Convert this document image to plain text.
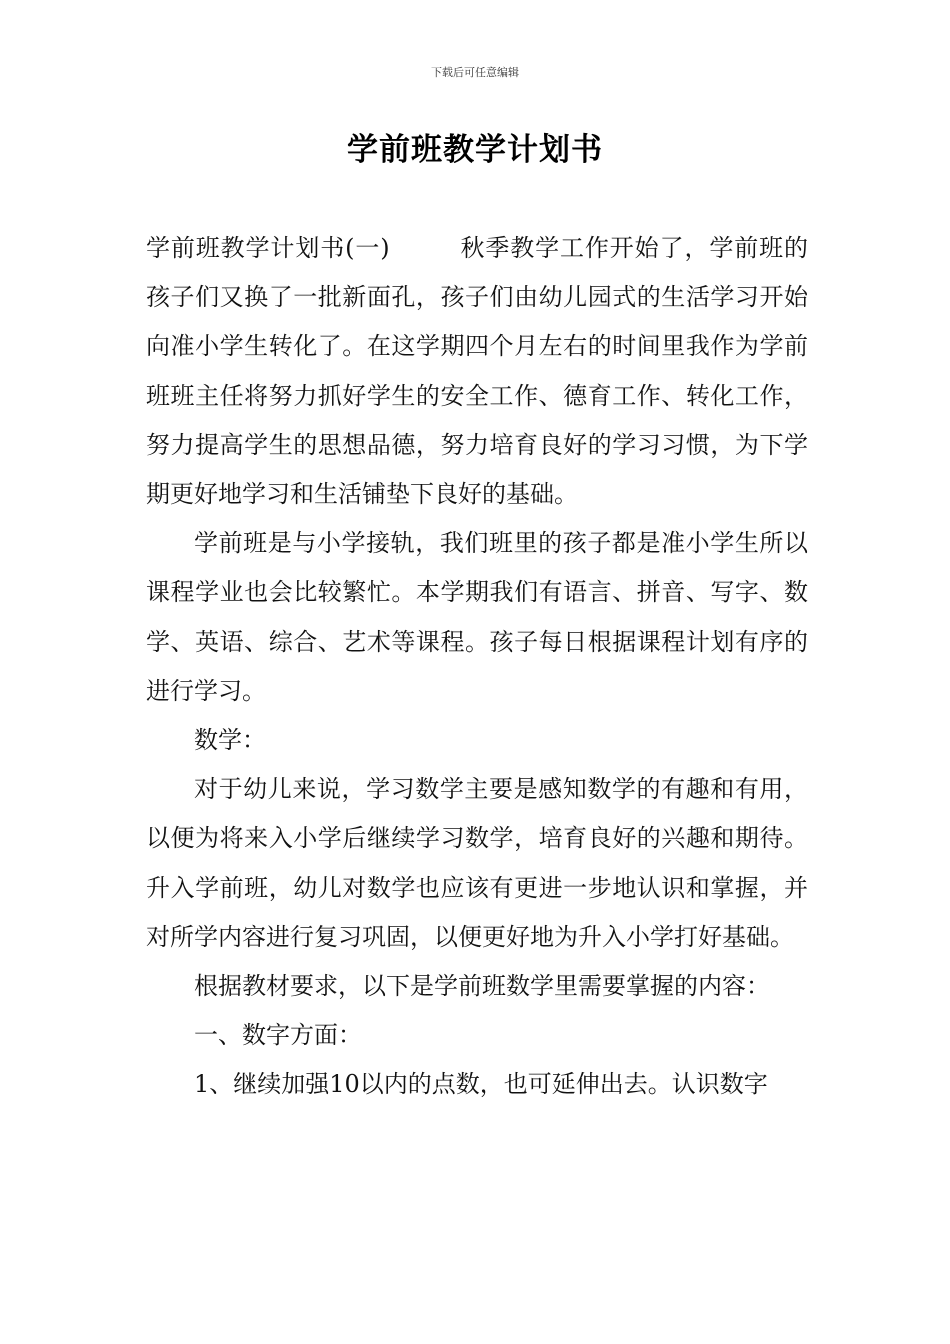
下载后可任意编辑
学前班教学计划书

学前班教学计划书(一)	秋季教学工作开始了，学前班的孩子们又换了一批新面孔，孩子们由幼儿园式的生活学习开始向准小学生转化了。在这学期四个月左右的时间里我作为学前班班主任将努力抓好学生的安全工作、德育工作、转化工作，努力提高学生的思想品德，努力培育良好的学习习惯，为下学期更好地学习和生活铺垫下良好的基础。

学前班是与小学接轨，我们班里的孩子都是准小学生所以课程学业也会比较繁忙。本学期我们有语言、拼音、写字、数学、英语、综合、艺术等课程。孩子每日根据课程计划有序的进行学习。

数学：

对于幼儿来说，学习数学主要是感知数学的有趣和有用，以便为将来入小学后继续学习数学，培育良好的兴趣和期待。升入学前班，幼儿对数学也应该有更进一步地认识和掌握，并对所学内容进行复习巩固，以便更好地为升入小学打好基础。

根据教材要求，以下是学前班数学里需要掌握的内容：

一、数字方面：

1、继续加强10以内的点数，也可延伸出去。认识数字
